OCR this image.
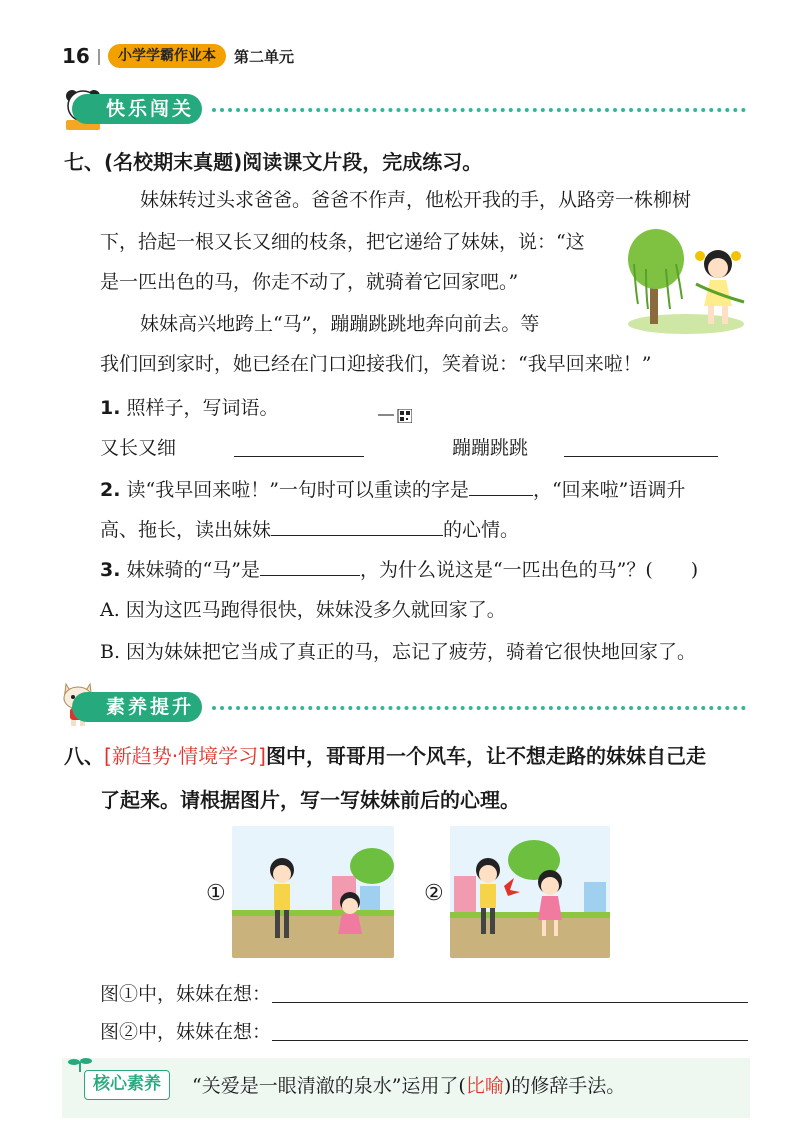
16	小学学霸作业本	第二单元
快乐闯关
七、(名校期末真题)阅读课文片段，完成练习。
妹妹转过头求爸爸。爸爸不作声，他松开我的手，从路旁一株柳树
下，拾起一根又长又细的枝条，把它递给了妹妹，说：“这
是一匹出色的马，你走不动了，就骑着它回家吧。”
妹妹高兴地跨上“马”，蹦蹦跳跳地奔向前去。等
我们回到家时，她已经在门口迎接我们，笑着说：“我早回来啦！”
1. 照样子，写词语。
又长又细	蹦蹦跳跳
2. 读“我早回来啦！”一句时可以重读的字是	，“回来啦”语调升
高、拖长，读出妹妹	的心情。
3. 妹妹骑的“马”是	，为什么说这是“一匹出色的马”？( )
A. 因为这匹马跑得很快，妹妹没多久就回家了。
B. 因为妹妹把它当成了真正的马，忘记了疲劳，骑着它很快地回家了。
素养提升
八、[新趋势·情境学习]图中，哥哥用一个风车，让不想走路的妹妹自己走
了起来。请根据图片，写一写妹妹前后的心理。
①	②
图①中，妹妹在想：
图②中，妹妹在想：
核心素养	“关爱是一眼清澈的泉水”运用了(比喻)的修辞手法。
